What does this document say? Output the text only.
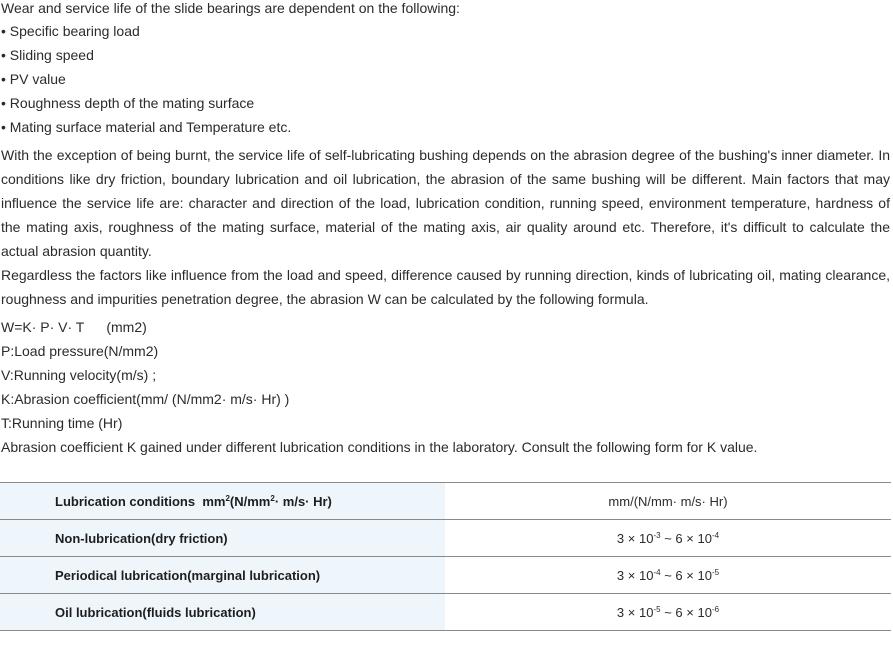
Wear and service life of the slide bearings are dependent on the following:
• Specific bearing load
• Sliding speed
• PV value
• Roughness depth of the mating surface
• Mating surface material and Temperature etc.
With the exception of being burnt, the service life of self-lubricating bushing depends on the abrasion degree of the bushing's inner diameter. In conditions like dry friction, boundary lubrication and oil lubrication, the abrasion of the same bushing will be different. Main factors that may influence the service life are: character and direction of the load, lubrication condition, running speed, environment temperature, hardness of the mating axis, roughness of the mating surface, material of the mating axis, air quality around etc. Therefore, it's difficult to calculate the actual abrasion quantity.
Regardless the factors like influence from the load and speed, difference caused by running direction, kinds of lubricating oil, mating clearance, roughness and impurities penetration degree, the abrasion W can be calculated by the following formula.
W=K· P· V· T (mm2)
P:Load pressure(N/mm2)
V:Running velocity(m/s) ;
K:Abrasion coefficient(mm/ (N/mm2· m/s· Hr) )
T:Running time (Hr)
Abrasion coefficient K gained under different lubrication conditions in the laboratory. Consult the following form for K value.
Lubrication conditions $mm^2(N/mm^2\cdot m/s\cdot Hr)$	mm/(N/mm· m/s· Hr)
Non-lubrication(dry friction)	$3 \times 10^{-3}$ ~ $6 \times 10^{-4}$
Periodical lubrication(marginal lubrication)	$3 \times 10^{-4}$ ~ $6 \times 10^{-5}$
Oil lubrication(fluids lubrication)	$3 \times 10^{-5}$ ~ $6 \times 10^{-6}$
